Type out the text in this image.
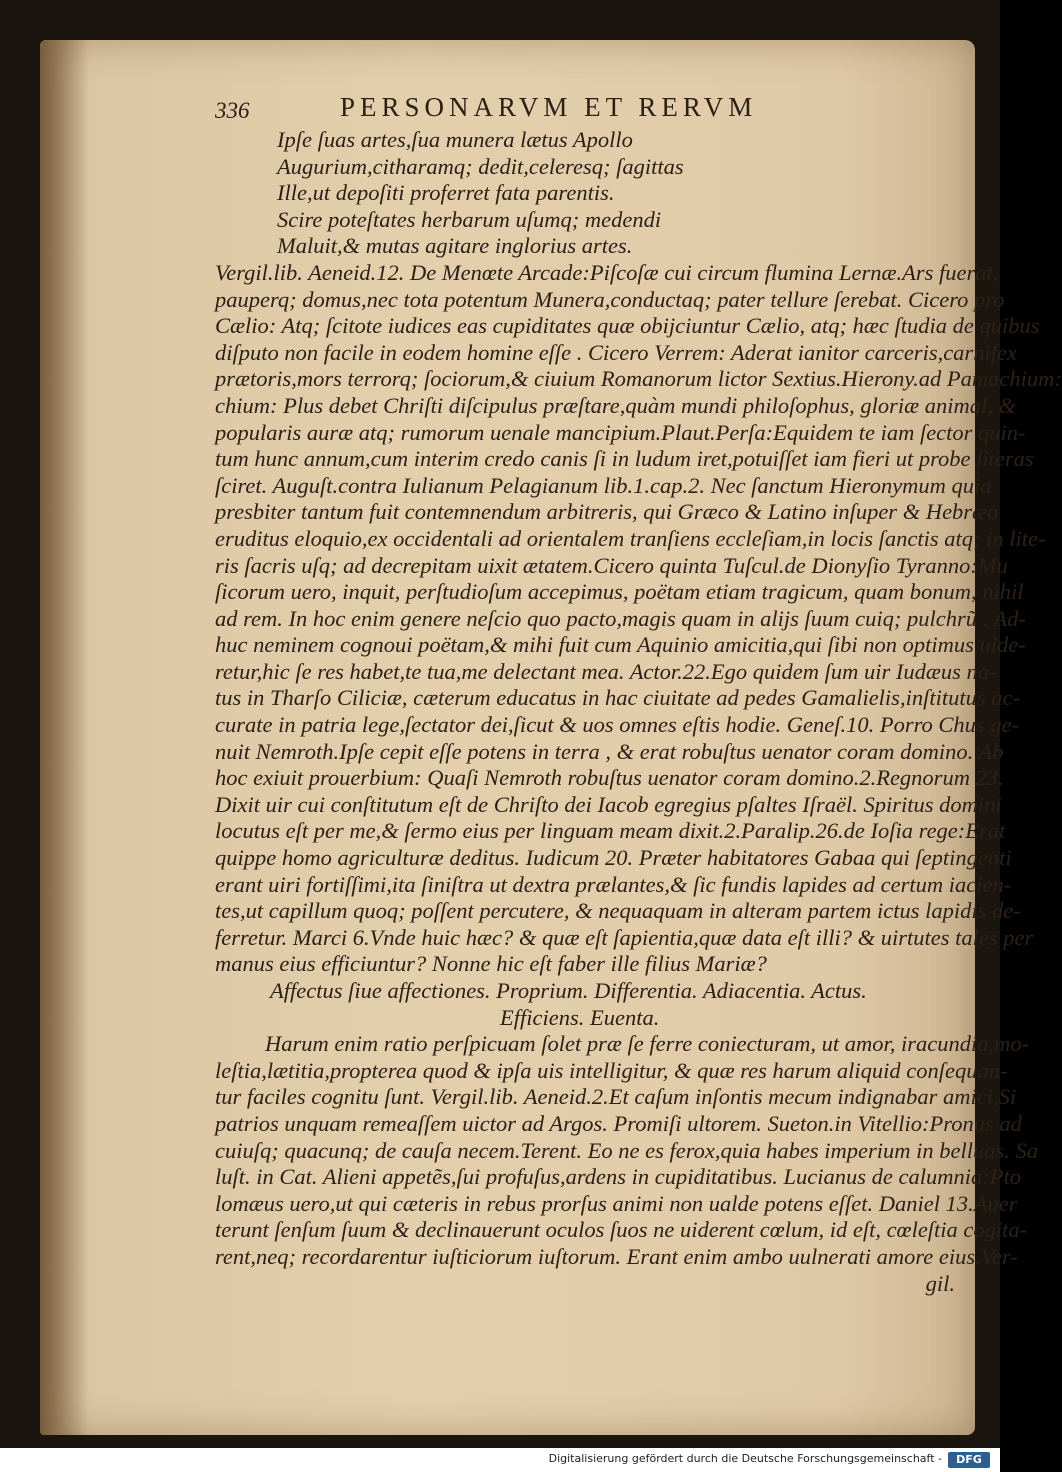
336	PERSONARVM ET RERVM
Ipſe ſuas artes,ſua munera lætus Apollo
Augurium,citharamq; dedit,celeresq; ſagittas
Ille,ut depoſiti proferret fata parentis.
Scire poteſtates herbarum uſumq; medendi
Maluit,& mutas agitare inglorius artes.
Vergil.lib. Aeneid.12. De Menœte Arcade:Piſcoſæ cui circum flumina Lernæ.Ars fuerat,
pauperq; domus,nec tota potentum Munera,conductaq; pater tellure ſerebat. Cicero pro
Cælio: Atq; ſcitote iudices eas cupiditates quæ obijciuntur Cælio, atq; hæc ſtudia de quibus
diſputo non facile in eodem homine eſſe . Cicero Verrem: Aderat ianitor carceris,carnifex
prætoris,mors terrorq; ſociorum,& ciuium Romanorum lictor Sextius.Hierony.ad Pamachium:
chium: Plus debet Chriſti diſcipulus præſtare,quàm mundi philoſophus, gloriæ animal, &
popularis auræ atq; rumorum uenale mancipium.Plaut.Perſa:Equidem te iam ſector quin-
tum hunc annum,cum interim credo canis ſi in ludum iret,potuiſſet iam fieri ut probe literas
ſciret. Auguſt.contra Iulianum Pelagianum lib.1.cap.2. Nec ſanctum Hieronymum quia
presbiter tantum fuit contemnendum arbitreris, qui Græco & Latino inſuper & Hebræo
eruditus eloquio,ex occidentali ad orientalem tranſiens eccleſiam,in locis ſanctis atq; in lite-
ris ſacris uſq; ad decrepitam uixit ætatem.Cicero quinta Tuſcul.de Dionyſio Tyranno:Mu
ſicorum uero, inquit, perſtudioſum accepimus, poëtam etiam tragicum, quam bonum, nihil
ad rem. In hoc enim genere neſcio quo pacto,magis quam in alijs ſuum cuiq; pulchrũ . Ad-
huc neminem cognoui poëtam,& mihi fuit cum Aquinio amicitia,qui ſibi non optimus uide-
retur,hic ſe res habet,te tua,me delectant mea. Actor.22.Ego quidem ſum uir Iudæus na-
tus in Tharſo Ciliciæ, cæterum educatus in hac ciuitate ad pedes Gamalielis,inſtitutus ac-
curate in patria lege,ſectator dei,ſicut & uos omnes eſtis hodie. Geneſ.10. Porro Chus ge-
nuit Nemroth.Ipſe cepit eſſe potens in terra , & erat robuſtus uenator coram domino. Ab
hoc exiuit prouerbium: Quaſi Nemroth robuſtus uenator coram domino.2.Regnorum 23.
Dixit uir cui conſtitutum eſt de Chriſto dei Iacob egregius pſaltes Iſraël. Spiritus domini
locutus eſt per me,& ſermo eius per linguam meam dixit.2.Paralip.26.de Ioſia rege:Erat
quippe homo agriculturæ deditus. Iudicum 20. Præter habitatores Gabaa qui ſeptingenti
erant uiri fortiſſimi,ita ſiniſtra ut dextra prælantes,& ſic fundis lapides ad certum iacien-
tes,ut capillum quoq; poſſent percutere, & nequaquam in alteram partem ictus lapidis de-
ferretur. Marci 6.Vnde huic hæc? & quæ eſt ſapientia,quæ data eſt illi? & uirtutes tales per
manus eius efficiuntur? Nonne hic eſt faber ille filius Mariæ?
Affectus ſiue affectiones. Proprium. Differentia. Adiacentia. Actus.
Efficiens. Euenta.
Harum enim ratio perſpicuam ſolet præ ſe ferre coniecturam, ut amor, iracundia,mo-
leſtia,lætitia,propterea quod & ipſa uis intelligitur, & quæ res harum aliquid conſequan-
tur faciles cognitu ſunt. Vergil.lib. Aeneid.2.Et caſum inſontis mecum indignabar amici,Si
patrios unquam remeaſſem uictor ad Argos. Promiſi ultorem. Sueton.in Vitellio:Pronus ad
cuiuſq; quacunq; de cauſa necem.Terent. Eo ne es ferox,quia habes imperium in belluas. Sa
luſt. in Cat. Alieni appetẽs,ſui profuſus,ardens in cupiditatibus. Lucianus de calumnia:Pto
lomæus uero,ut qui cæteris in rebus prorſus animi non ualde potens eſſet. Daniel 13.Auer
terunt ſenſum ſuum & declinauerunt oculos ſuos ne uiderent cœlum, id eſt, cœleſtia cogita-
rent,neq; recordarentur iuſticiorum iuſtorum. Erant enim ambo uulnerati amore eius.Ver-
gil.
Digitalisierung gefördert durch die Deutsche Forschungsgemeinschaft -	DFG
